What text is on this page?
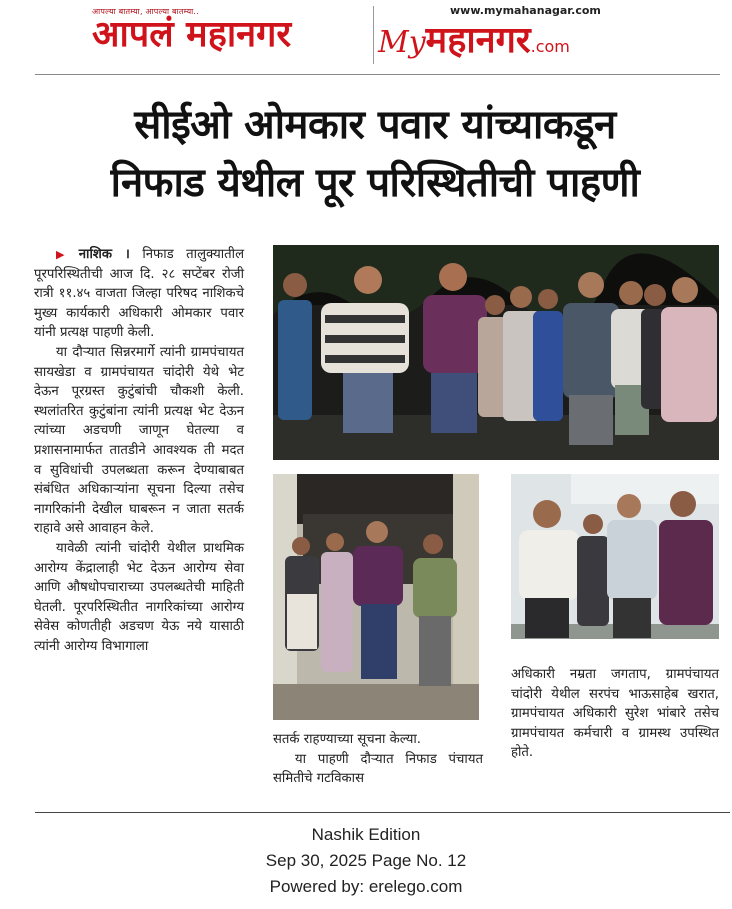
आपल्या बातम्या, आपल्या बातम्या..
आपलं महानगर
www.mymahanagar.com
Myमहानगर.com
सीईओ ओमकार पवार यांच्याकडून
निफाड येथील पूर परिस्थितीची पाहणी

▶ नाशिक । निफाड तालुक्यातील पूरपरिस्थितीची आज दि. २८ सप्टेंबर रोजी रात्री ११.४५ वाजता जिल्हा परिषद नाशिकचे मुख्य कार्यकारी अधिकारी ओमकार पवार यांनी प्रत्यक्ष पाहणी केली.

या दौऱ्यात सिन्नरमार्गे त्यांनी ग्रामपंचायत सायखेडा व ग्रामपंचायत चांदोरी येथे भेट देऊन पूरग्रस्त कुटुंबांची चौकशी केली. स्थलांतरित कुटुंबांना त्यांनी प्रत्यक्ष भेट देऊन त्यांच्या अडचणी जाणून घेतल्या व प्रशासनामार्फत तातडीने आवश्यक ती मदत व सुविधांची उपलब्धता करून देण्याबाबत संबंधित अधिकाऱ्यांना सूचना दिल्या तसेच नागरिकांनी देखील घाबरून न जाता सतर्क राहावे असे आवाहन केले.

यावेळी त्यांनी चांदोरी येथील प्राथमिक आरोग्य केंद्रालाही भेट देऊन आरोग्य सेवा आणि औषधोपचाराच्या उपलब्धतेची माहिती घेतली. पूरपरिस्थितीत नागरिकांच्या आरोग्य सेवेस कोणतीही अडचण येऊ नये यासाठी त्यांनी आरोग्य विभागाला

सतर्क राहण्याच्या सूचना केल्या.

या पाहणी दौऱ्यात निफाड पंचायत समितीचे गटविकास

अधिकारी नम्रता जगताप, ग्रामपंचायत चांदोरी येथील सरपंच भाऊसाहेब खरात, ग्रामपंचायत अधिकारी सुरेश भांबारे तसेच ग्रामपंचायत कर्मचारी व ग्रामस्थ उपस्थित होते.

Nashik Edition
Sep 30, 2025 Page No. 12
Powered by: erelego.com
